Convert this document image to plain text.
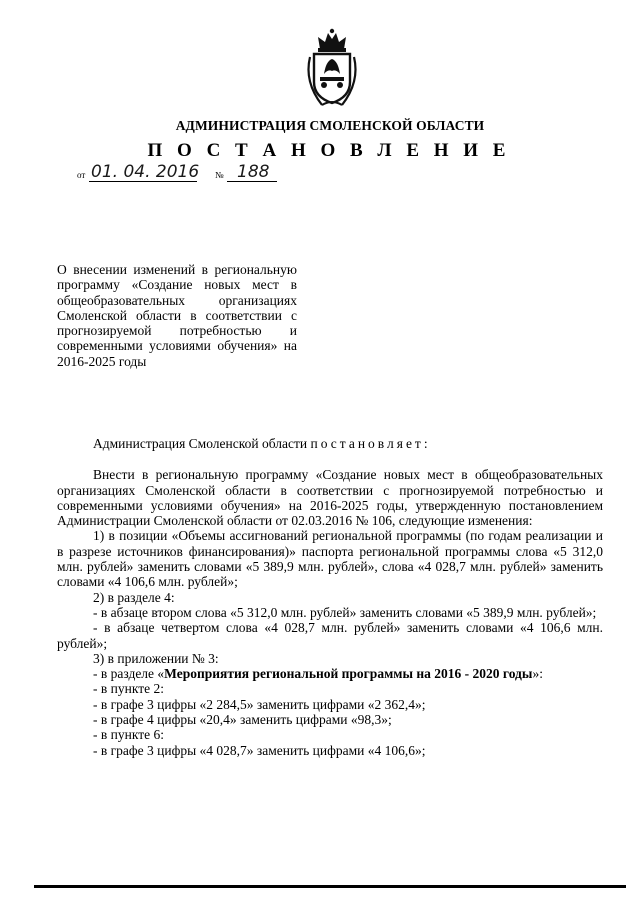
АДМИНИСТРАЦИЯ СМОЛЕНСКОЙ ОБЛАСТИ
П О С Т А Н О В Л Е Н И Е
от 01. 04. 2016 № 188
О внесении изменений в региональную программу «Создание новых мест в общеобразовательных организациях Смоленской области в соответствии с прогнозируемой потребностью и современными условиями обучения» на 2016-2025 годы

Администрация Смоленской области постановляет:

Внести в региональную программу «Создание новых мест в общеобразовательных организациях Смоленской области в соответствии с прогнозируемой потребностью и современными условиями обучения» на 2016-2025 годы, утвержденную постановлением Администрации Смоленской области от 02.03.2016 № 106, следующие изменения:

1) в позиции «Объемы ассигнований региональной программы (по годам реализации и в разрезе источников финансирования)» паспорта региональной программы слова «5 312,0 млн. рублей» заменить словами «5 389,9 млн. рублей», слова «4 028,7 млн. рублей» заменить словами «4 106,6 млн. рублей»;

2) в разделе 4:

- в абзаце втором слова «5 312,0 млн. рублей» заменить словами «5 389,9 млн. рублей»;

- в абзаце четвертом слова «4 028,7 млн. рублей» заменить словами «4 106,6 млн. рублей»;

3) в приложении № 3:

- в разделе «Мероприятия региональной программы на 2016 - 2020 годы»:

- в пункте 2:

- в графе 3 цифры «2 284,5» заменить цифрами «2 362,4»;

- в графе 4 цифры «20,4» заменить цифрами «98,3»;

- в пункте 6:

- в графе 3 цифры «4 028,7» заменить цифрами «4 106,6»;
